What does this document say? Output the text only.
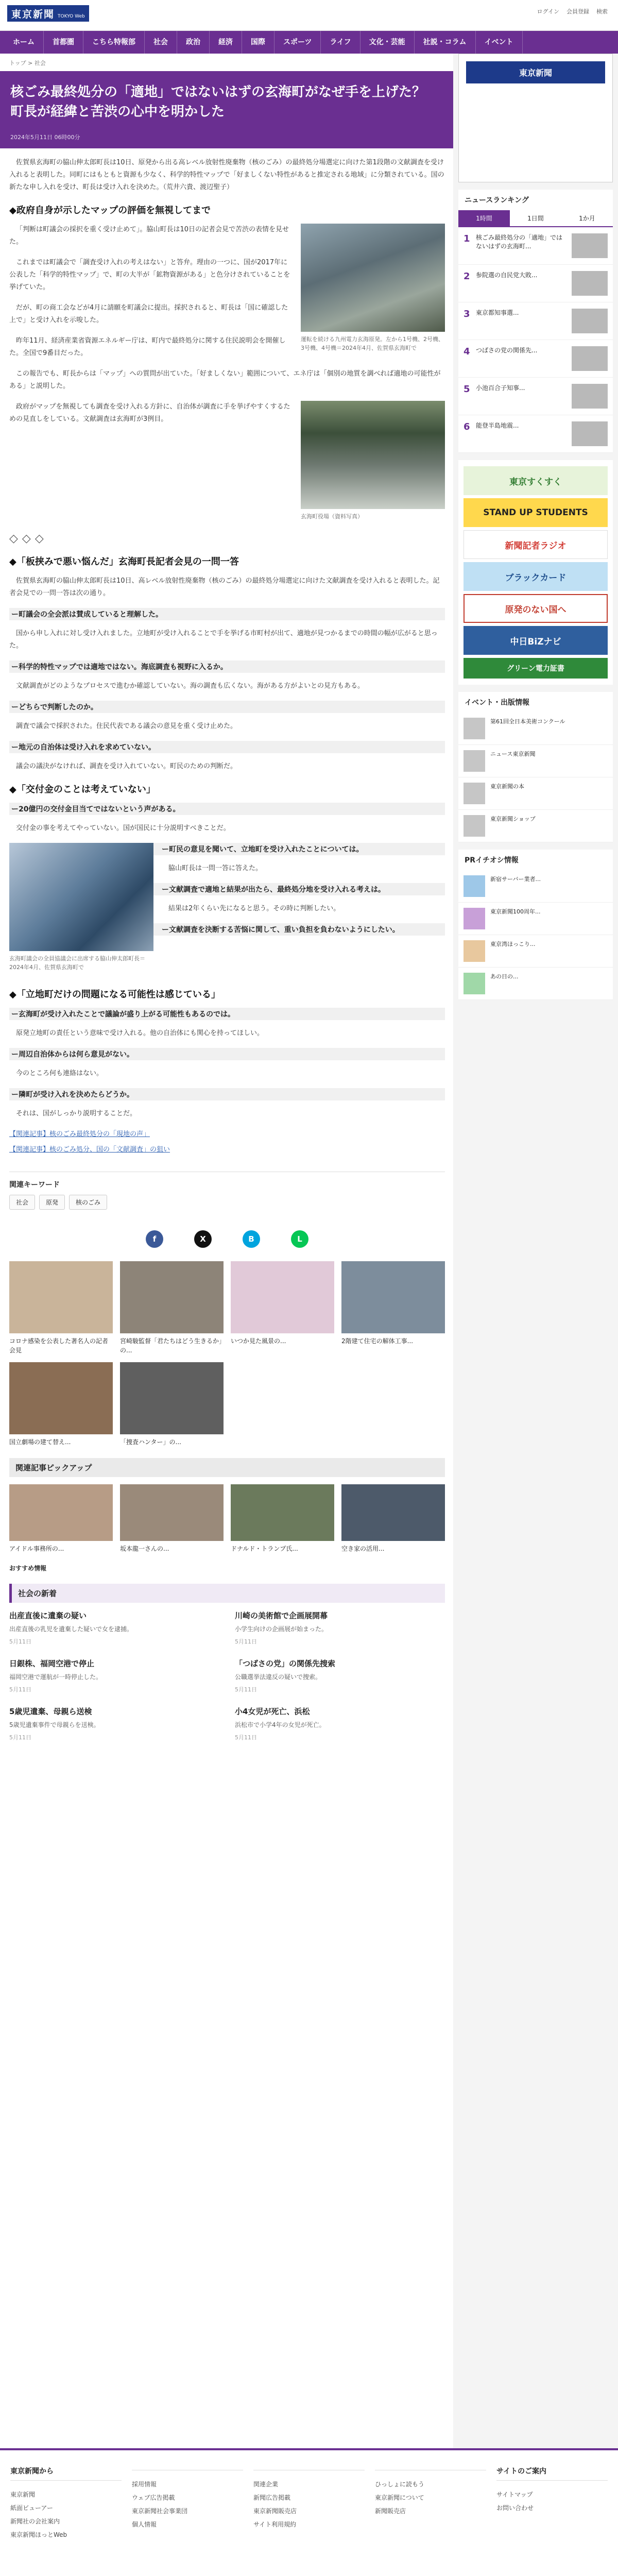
東京新聞 TOKYO Web
ログイン 会員登録 検索
ホーム	首都圏	こちら特報部	社会	政治	経済	国際	スポーツ	ライフ	文化・芸能	社説・コラム	イベント
トップ > 社会
核ごみ最終処分の「適地」ではないはずの玄海町がなぜ手を上げた？　町長が経緯と苦渋の心中を明かした
2024年5月11日 06時00分

佐賀県玄海町の脇山伸太郎町長は10日、原発から出る高レベル放射性廃棄物（核のごみ）の最終処分場選定に向けた第1段階の文献調査を受け入れると表明した。同町にはもともと資源も少なく、科学的特性マップで「好ましくない特性があると推定される地域」に分類されている。国の新たな申し入れを受け、町長は受け入れを決めた。（荒井六貴、渡辺聖子）

◆政府自身が示したマップの評価を無視してまで
運転を続ける九州電力玄海原発。左から1号機、2号機、3号機、4号機＝2024年4月、佐賀県玄海町で

「判断は町議会の採択を重く受け止めて」。脇山町長は10日の記者会見で苦渋の表情を見せた。

これまでは町議会で「調査受け入れの考えはない」と答弁。理由の一つに、国が2017年に公表した「科学的特性マップ」で、町の大半が「鉱物資源がある」と色分けされていることを挙げていた。

だが、町の商工会などが4月に請願を町議会に提出。採択されると、町長は「国に確認した上で」と受け入れを示唆した。

昨年11月、経済産業省資源エネルギー庁は、町内で最終処分に関する住民説明会を開催した。全国で9番目だった。

この報告でも、町長からは「マップ」への質問が出ていた。「好ましくない」範囲について、エネ庁は「個別の地質を調べれば適地の可能性がある」と説明した。

玄海町役場（資料写真）

政府がマップを無視しても調査を受け入れる方針に、自治体が調査に手を挙げやすくするための見直しをしている。文献調査は玄海町が3例目。

◇◇◇
◆「板挟みで悪い悩んだ」玄海町長記者会見の一問一答

佐賀県玄海町の脇山伸太郎町長は10日、高レベル放射性廃棄物（核のごみ）の最終処分場選定に向けた文献調査を受け入れると表明した。記者会見での一問一答は次の通り。

ー町議会の全会派は賛成していると理解した。

国から申し入れに対し受け入れました。立地町が受け入れることで手を挙げる市町村が出て、適地が見つかるまでの時間の幅が広がると思った。

ー科学的特性マップでは適地ではない。海底調査も視野に入るか。

文献調査がどのようなプロセスで進むか確認していない。海の調査も広くない。海がある方がよいとの見方もある。

ーどちらで判断したのか。

調査で議会で採択された。住民代表である議会の意見を重く受け止めた。

ー地元の自治体は受け入れを求めていない。

議会の議決がなければ、調査を受け入れていない。町民のための判断だ。

◆「交付金のことは考えていない」
ー20億円の交付金目当てではないという声がある。

交付金の事を考えてやっていない。国が国民に十分説明すべきことだ。

玄海町議会の全員協議会に出席する脇山伸太郎町長＝2024年4月、佐賀県玄海町で
ー町民の意見を聞いて、立地町を受け入れたことについては。

脇山町長は一問一答に答えた。

ー文献調査で適地と結果が出たら、最終処分地を受け入れる考えは。

結果は2年くらい先になると思う。その時に判断したい。

ー文献調査を決断する苦悩に関して、重い負担を負わないようにしたい。
◆「立地町だけの問題になる可能性は感じている」
ー玄海町が受け入れたことで議論が盛り上がる可能性もあるのでは。

原発立地町の責任という意味で受け入れる。他の自治体にも関心を持ってほしい。

ー周辺自治体からは何ら意見がない。

今のところ何も連絡はない。

ー隣町が受け入れを決めたらどうか。

それは、国がしっかり説明することだ。

【関連記事】核のごみ最終処分の「現地の声」
【関連記事】核のごみ処分、国の「文献調査」の狙い
関連キーワード
社会	原発	核のごみ
f	X	B	L
コロナ感染を公表した著名人の記者会見
宮崎駿監督「君たちはどう生きるか」の...
いつか見た風景の...	2階建て住宅の解体工事...
国立劇場の建て替え...	「捜査ハンター」の...
関連記事ピックアップ
アイドル事務所の...	坂本龍一さんの...	ドナルド・トランプ氏...	空き家の活用...
おすすめ情報
社会の新着
出産直後に遺棄の疑い
出産直後の乳児を遺棄した疑いで女を逮捕。
5月11日
川崎の美術館で企画展開幕
小学生向けの企画展が始まった。
5月11日
日銀株、福岡空港で停止
福岡空港で運航が一時停止した。
5月11日
「つばさの党」の関係先捜索
公職選挙法違反の疑いで捜索。
5月11日
5歳児遺棄、母親ら送検
5歳児遺棄事件で母親らを送検。
5月11日
小4女児が死亡、浜松
浜松市で小学4年の女児が死亡。
5月11日
東京新聞
ニュースランキング
1時間	1日間	1か月
1 核ごみ最終処分の「適地」ではないはずの玄海町...
2 参院選の自民党大敗...
3 東京都知事選...
4 つばさの党の関係先...
5 小池百合子知事...
6 能登半島地震...
東京すくすく
STAND UP STUDENTS
新聞記者ラジオ
ブラックカード
原発のない国へ
中日BiZナビ
グリーン電力証書
イベント・出版情報
第61回全日本美術コンクール
ニュース東京新聞
東京新聞の本
東京新聞ショップ
PRイチオシ情報
新宿サーバー業者...
東京新聞100周年...
東京湾ほっこり...
あの日の...
東京新聞から
東京新聞
紙面ビューアー
新聞社の会社案内
東京新聞ほっとWeb
採用情報
ウェブ広告掲載
東京新聞社会事業団
個人情報
関連企業
新聞広告掲載
東京新聞販売店
サイト利用規約
ひっしょに読もう
東京新聞について
新聞販売店
サイトのご案内
サイトマップ
お問い合わせ
